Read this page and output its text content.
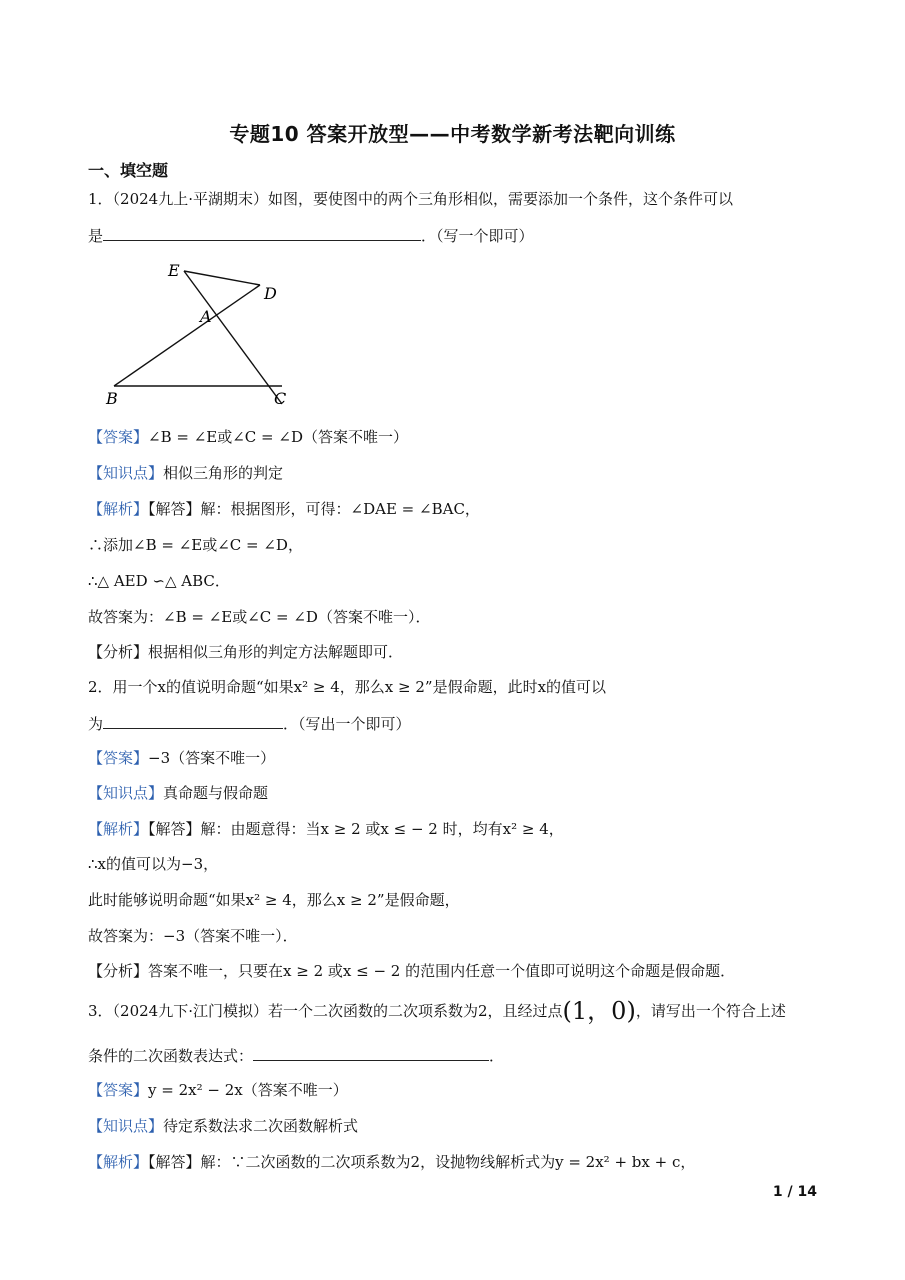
专题10 答案开放型——中考数学新考法靶向训练
一、填空题
1．（2024九上·平湖期末）如图，要使图中的两个三角形相似，需要添加一个条件，这个条件可以
是	．（写一个即可）
E
D
A
B	C
【答案】∠B = ∠E或∠C = ∠D（答案不唯一）
【知识点】相似三角形的判定
【解析】【解答】解：根据图形，可得：∠DAE = ∠BAC，
∴添加∠B = ∠E或∠C = ∠D，
∴△ AED ∽△ ABC．
故答案为：∠B = ∠E或∠C = ∠D（答案不唯一）．
【分析】根据相似三角形的判定方法解题即可．
2．用一个x的值说明命题“如果x² ≥ 4，那么x ≥ 2”是假命题，此时x的值可以
为	．（写出一个即可）
【答案】−3（答案不唯一）
【知识点】真命题与假命题
【解析】【解答】解：由题意得：当x ≥ 2 或x ≤ − 2 时，均有x² ≥ 4，
∴x的值可以为−3，
此时能够说明命题“如果x² ≥ 4，那么x ≥ 2”是假命题，
故答案为：−3（答案不唯一）．
【分析】答案不唯一，只要在x ≥ 2 或x ≤ − 2 的范围内任意一个值即可说明这个命题是假命题．
3．（2024九下·江门模拟）若一个二次函数的二次项系数为2，且经过点(1，0)，请写出一个符合上述
条件的二次函数表达式：	．
【答案】y = 2x² − 2x（答案不唯一）
【知识点】待定系数法求二次函数解析式
【解析】【解答】解：∵二次函数的二次项系数为2，设抛物线解析式为y = 2x² + bx + c，
1 / 14
